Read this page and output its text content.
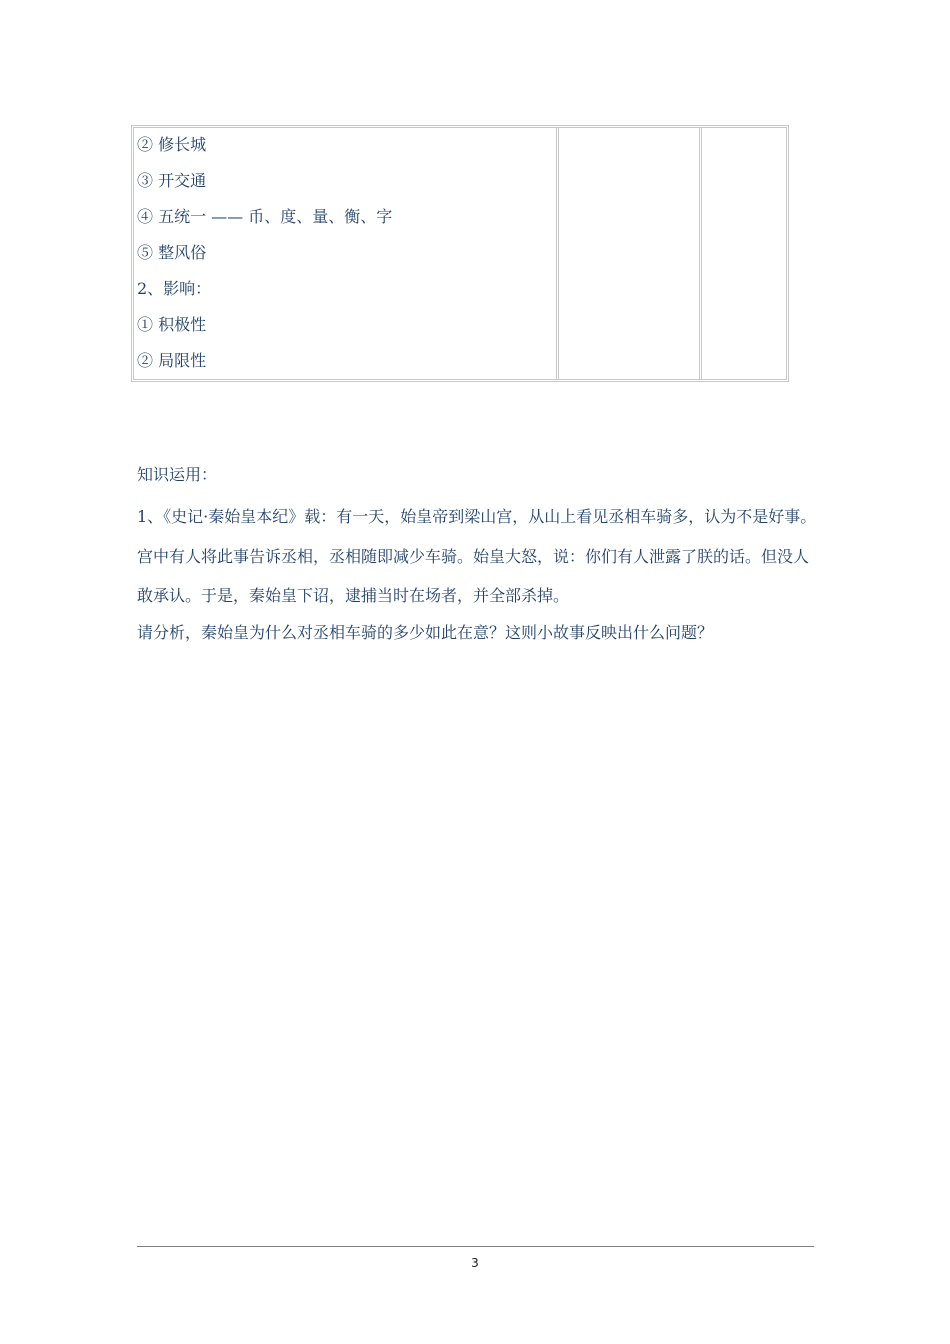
② 修长城
③ 开交通
④ 五统一 —— 币、度、量、衡、字
⑤ 整风俗
2、影响：
① 积极性
② 局限性
知识运用：
1、《史记·秦始皇本纪》载：有一天，始皇帝到梁山宫，从山上看见丞相车骑多，认为不是好事。
宫中有人将此事告诉丞相，丞相随即减少车骑。始皇大怒，说：你们有人泄露了朕的话。但没人
敢承认。于是，秦始皇下诏，逮捕当时在场者，并全部杀掉。
请分析，秦始皇为什么对丞相车骑的多少如此在意？这则小故事反映出什么问题？
3
